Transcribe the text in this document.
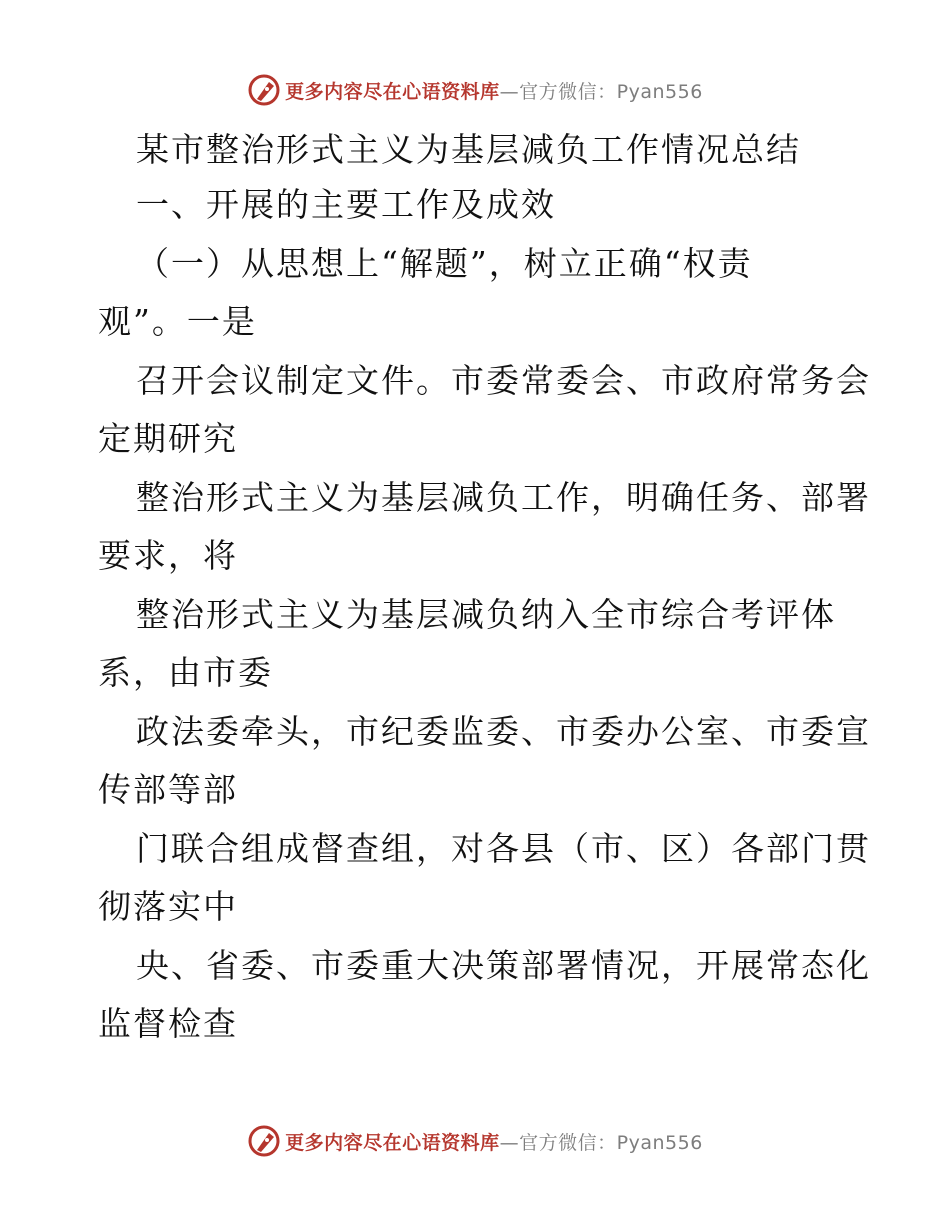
更多内容尽在心语资料库—官方微信：Pyan556
某市整治形式主义为基层减负工作情况总结
一、开展的主要工作及成效
（一）从思想上“解题”，树立正确“权责
观”。一是
召开会议制定文件。市委常委会、市政府常务会
定期研究
整治形式主义为基层减负工作，明确任务、部署
要求，将
整治形式主义为基层减负纳入全市综合考评体
系，由市委
政法委牵头，市纪委监委、市委办公室、市委宣
传部等部
门联合组成督查组，对各县（市、区）各部门贯
彻落实中
央、省委、市委重大决策部署情况，开展常态化
监督检查
更多内容尽在心语资料库—官方微信：Pyan556
